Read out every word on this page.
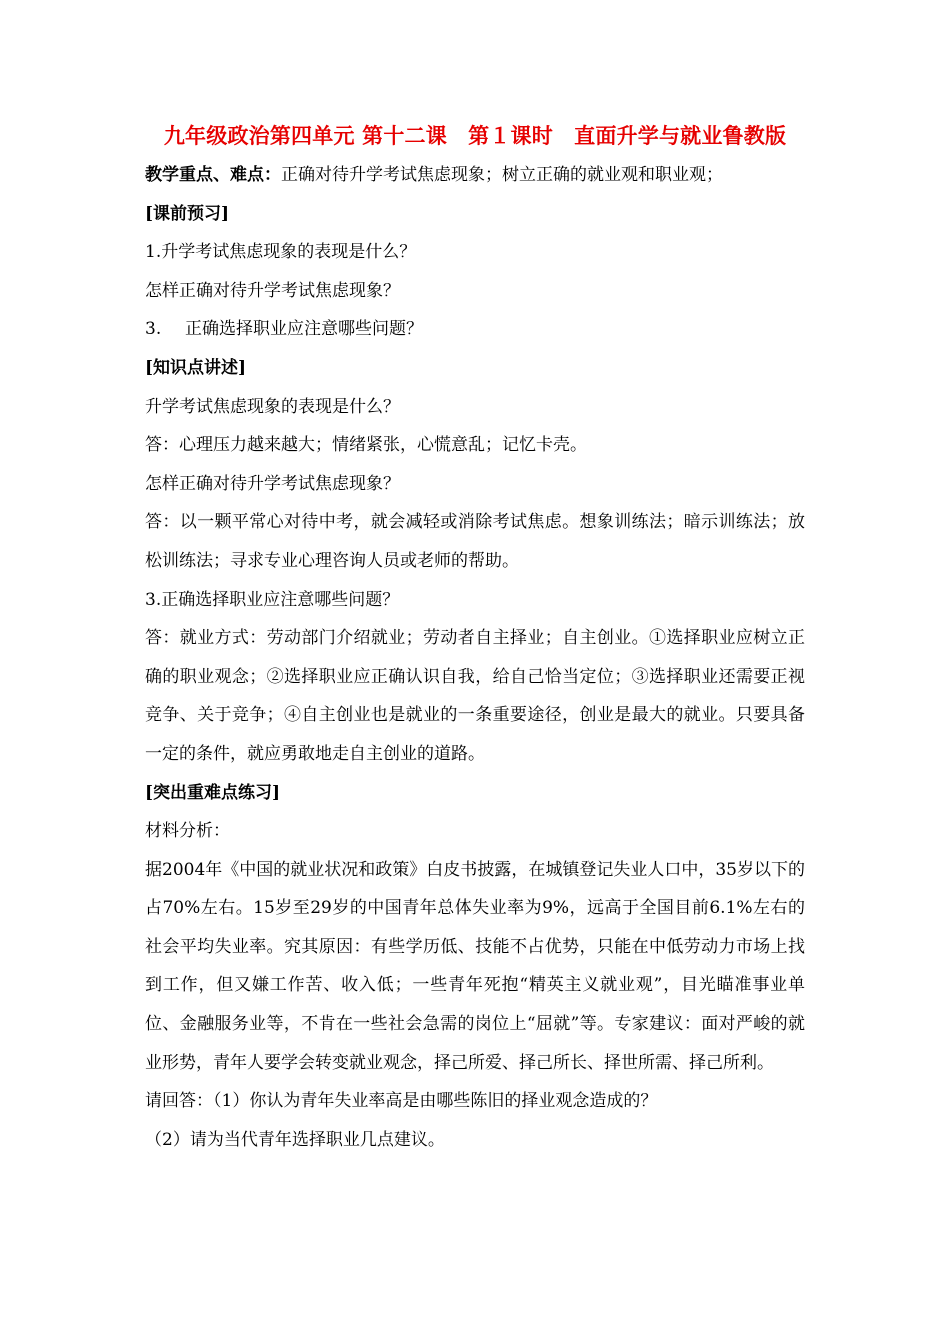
九年级政治第四单元 第十二课　第１课时　直面升学与就业鲁教版

教学重点、难点：正确对待升学考试焦虑现象；树立正确的就业观和职业观；

[课前预习]

1.升学考试焦虑现象的表现是什么？

怎样正确对待升学考试焦虑现象？

3. 正确选择职业应注意哪些问题？

[知识点讲述]

升学考试焦虑现象的表现是什么？

答：心理压力越来越大；情绪紧张，心慌意乱；记忆卡壳。

怎样正确对待升学考试焦虑现象？

答：以一颗平常心对待中考，就会减轻或消除考试焦虑。想象训练法；暗示训练法；放松训练法；寻求专业心理咨询人员或老师的帮助。

3.正确选择职业应注意哪些问题？

答：就业方式：劳动部门介绍就业；劳动者自主择业；自主创业。①选择职业应树立正确的职业观念；②选择职业应正确认识自我，给自己恰当定位；③选择职业还需要正视竞争、关于竞争；④自主创业也是就业的一条重要途径，创业是最大的就业。只要具备一定的条件，就应勇敢地走自主创业的道路。

[突出重难点练习]

材料分析：

据2004年《中国的就业状况和政策》白皮书披露，在城镇登记失业人口中，35岁以下的占70%左右。15岁至29岁的中国青年总体失业率为9%，远高于全国目前6.1%左右的社会平均失业率。究其原因：有些学历低、技能不占优势，只能在中低劳动力市场上找到工作，但又嫌工作苦、收入低；一些青年死抱“精英主义就业观”，目光瞄准事业单位、金融服务业等，不肯在一些社会急需的岗位上“屈就”等。专家建议：面对严峻的就业形势，青年人要学会转变就业观念，择己所爱、择己所长、择世所需、择己所利。

请回答：（1）你认为青年失业率高是由哪些陈旧的择业观念造成的？

（2）请为当代青年选择职业几点建议。
